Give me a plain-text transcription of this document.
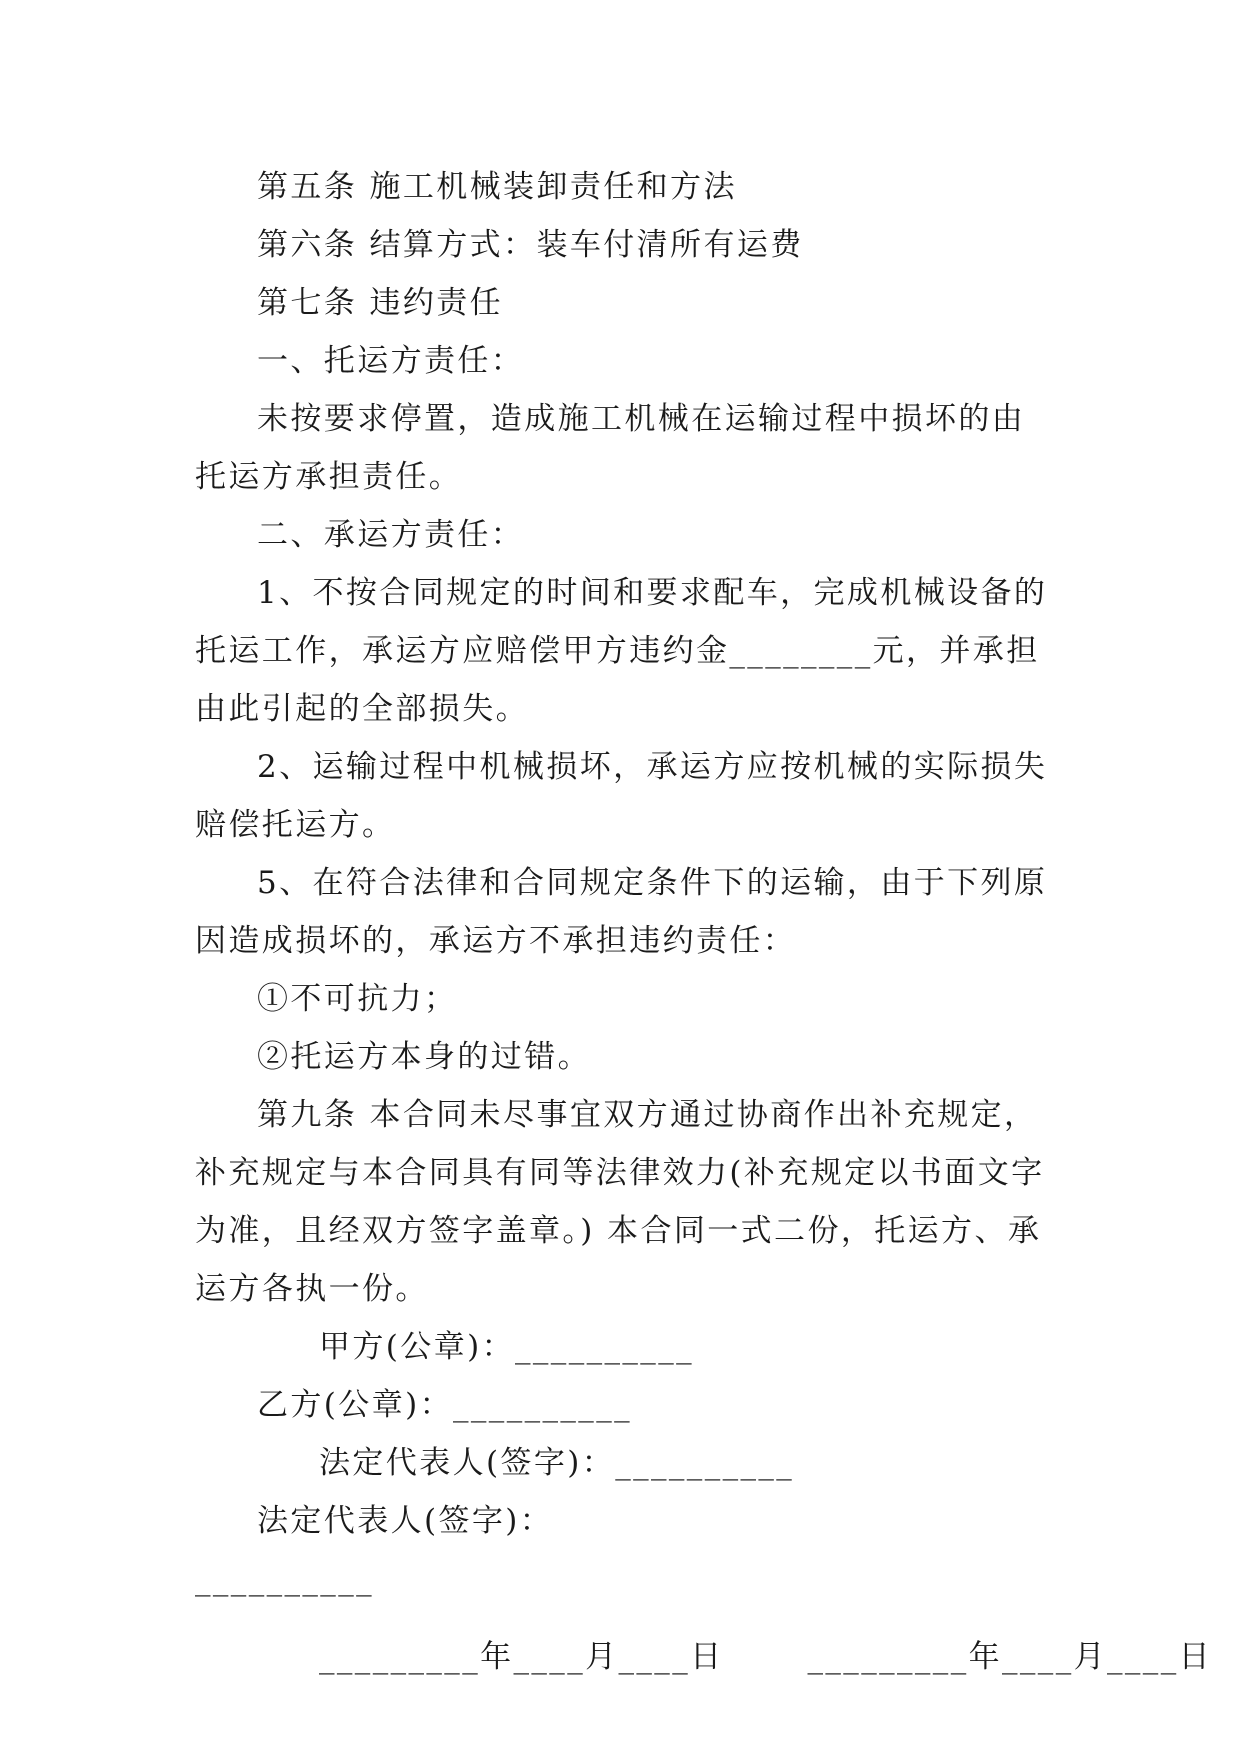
第五条 施工机械装卸责任和方法

第六条 结算方式：装车付清所有运费

第七条 违约责任

一、托运方责任：

未按要求停置，造成施工机械在运输过程中损坏的由托运方承担责任。

二、承运方责任：

1、不按合同规定的时间和要求配车，完成机械设备的托运工作，承运方应赔偿甲方违约金________元，并承担由此引起的全部损失。

2、运输过程中机械损坏，承运方应按机械的实际损失赔偿托运方。

5、在符合法律和合同规定条件下的运输，由于下列原因造成损坏的，承运方不承担违约责任：

①不可抗力；

②托运方本身的过错。

第九条 本合同未尽事宜双方通过协商作出补充规定，补充规定与本合同具有同等法律效力(补充规定以书面文字为准，且经双方签字盖章。) 本合同一式二份，托运方、承运方各执一份。

甲方(公章)：__________乙方(公章)：__________

法定代表人(签字)：__________法定代表人(签字)：

__________

_________年____月____日	_________年____月____日
